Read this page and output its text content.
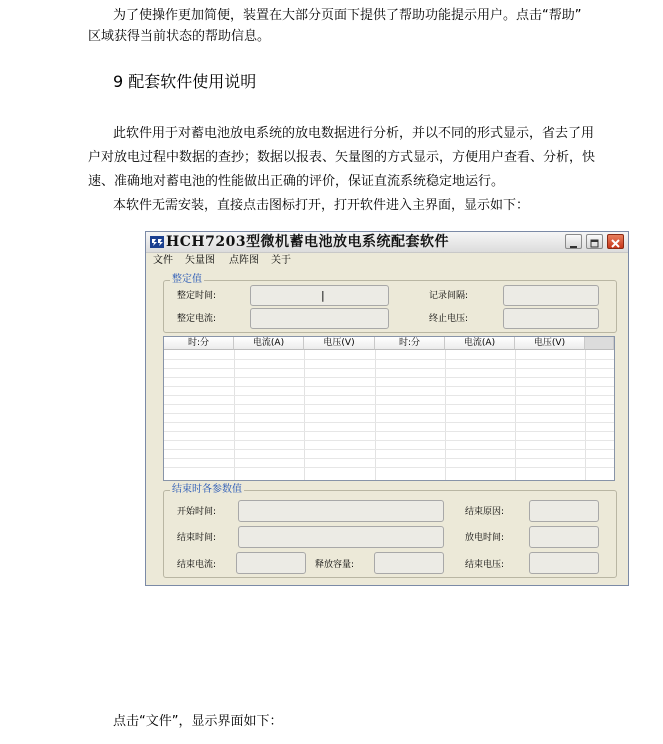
为了使操作更加简便，装置在大部分页面下提供了帮助功能提示用户。点击“帮助”
区域获得当前状态的帮助信息。
9 配套软件使用说明
此软件用于对蓄电池放电系统的放电数据进行分析，并以不同的形式显示，省去了用
户对放电过程中数据的查抄；数据以报表、矢量图的方式显示，方便用户查看、分析，快
速、准确地对蓄电池的性能做出正确的评价，保证直流系统稳定地运行。
本软件无需安装，直接点击图标打开，打开软件进入主界面，显示如下：
HCH7203型微机蓄电池放电系统配套软件
文件 矢量图 点阵图 关于
整定值
整定时间:	|	记录间隔:
整定电流:	终止电压:
时:分	电流(A)	电压(V)	时:分	电流(A)	电压(V)
结束时各参数值
开始时间:	结束原因:
结束时间:	放电时间:
结束电流:	释放容量:	结束电压:
点击“文件”，显示界面如下：
